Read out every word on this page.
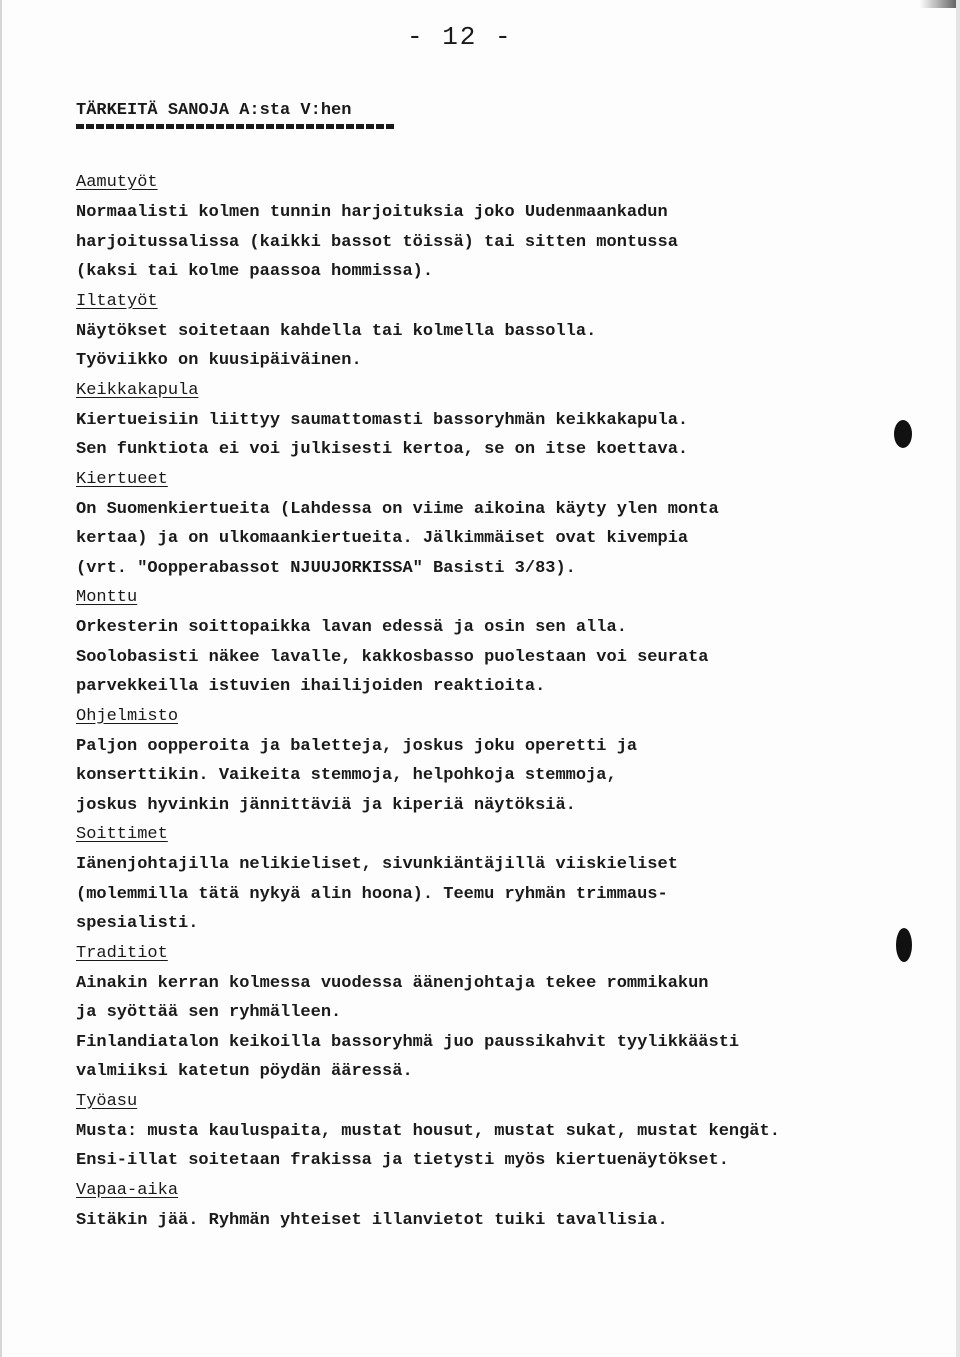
- 12 -
TÄRKEITÄ SANOJA A:sta V:hen
Aamutyöt
Normaalisti kolmen tunnin harjoituksia joko Uudenmaankadun
harjoitussalissa (kaikki bassot töissä) tai sitten montussa
(kaksi tai kolme paassoa hommissa).
Iltatyöt
Näytökset soitetaan kahdella tai kolmella bassolla.
Työviikko on kuusipäiväinen.
Keikkakapula
Kiertueisiin liittyy saumattomasti bassoryhmän keikkakapula.
Sen funktiota ei voi julkisesti kertoa, se on itse koettava.
Kiertueet
On Suomenkiertueita (Lahdessa on viime aikoina käyty ylen monta
kertaa) ja on ulkomaankiertueita. Jälkimmäiset ovat kivempia
(vrt. "Oopperabassot NJUUJORKISSA" Basisti 3/83).
Monttu
Orkesterin soittopaikka lavan edessä ja osin sen alla.
Soolobasisti näkee lavalle, kakkosbasso puolestaan voi seurata
parvekkeilla istuvien ihailijoiden reaktioita.
Ohjelmisto
Paljon oopperoita ja baletteja, joskus joku operetti ja
konserttikin. Vaikeita stemmoja, helpohkoja stemmoja,
joskus hyvinkin jännittäviä ja kiperiä näytöksiä.
Soittimet
Iänenjohtajilla nelikieliset, sivunkiäntäjillä viiskieliset
(molemmilla tätä nykyä alin hoona). Teemu ryhmän trimmaus-
spesialisti.
Traditiot
Ainakin kerran kolmessa vuodessa äänenjohtaja tekee rommikakun
ja syöttää sen ryhmälleen.
Finlandiatalon keikoilla bassoryhmä juo paussikahvit tyylikkäästi
valmiiksi katetun pöydän ääressä.
Työasu
Musta: musta kauluspaita, mustat housut, mustat sukat, mustat kengät.
Ensi-illat soitetaan frakissa ja tietysti myös kiertuenäytökset.
Vapaa-aika
Sitäkin jää. Ryhmän yhteiset illanvietot tuiki tavallisia.
